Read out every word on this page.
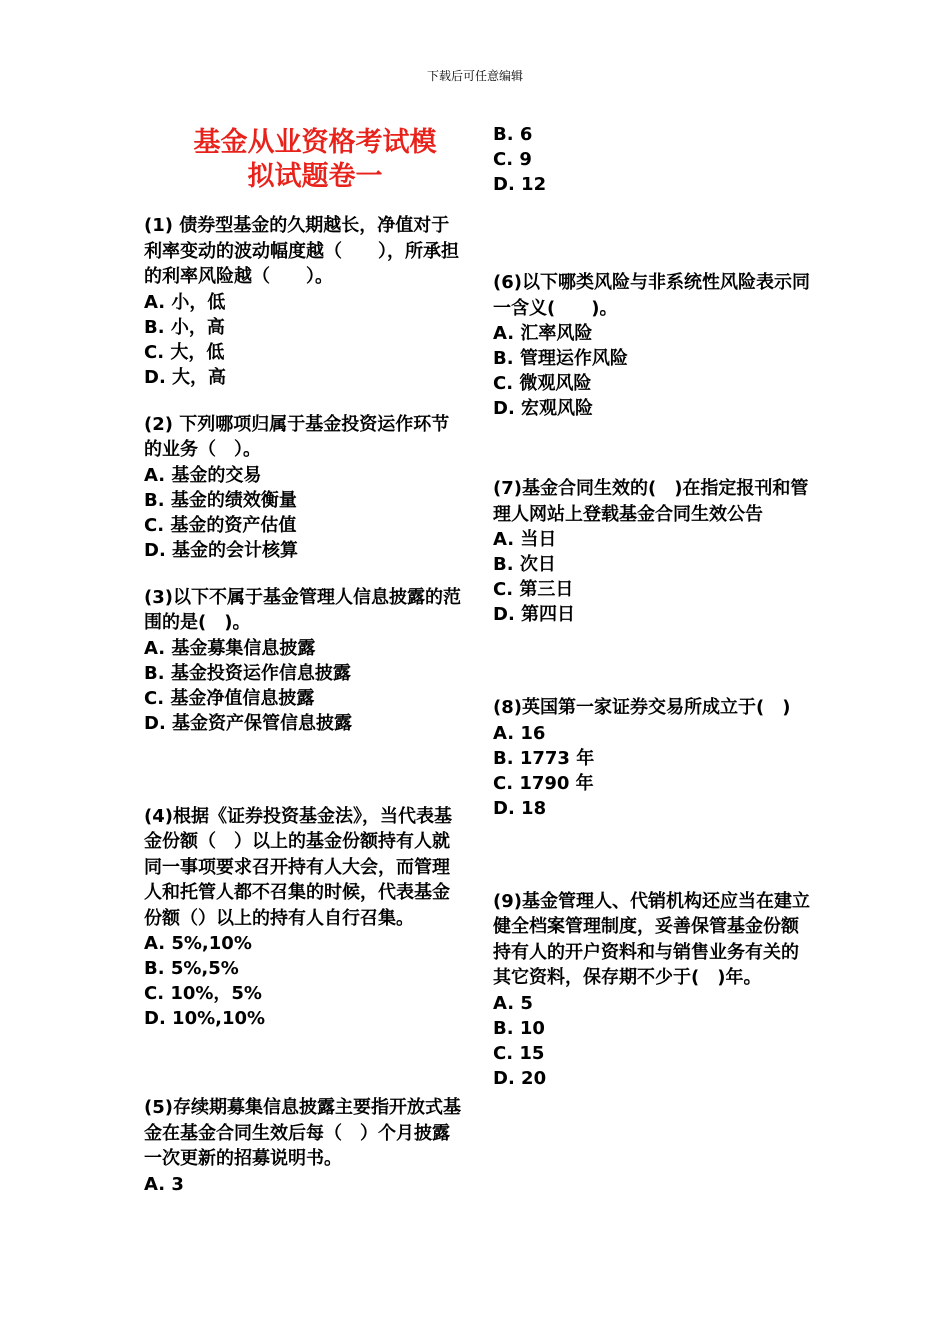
下载后可任意编辑
基金从业资格考试模
拟试题卷一

(1) 债券型基金的久期越长，净值对于利率变动的波动幅度越（　　），所承担的利率风险越（　　）。

A. 小，低

B. 小，高

C. 大，低

D. 大，高

(2) 下列哪项归属于基金投资运作环节的业务（　）。

A. 基金的交易

B. 基金的绩效衡量

C. 基金的资产估值

D. 基金的会计核算

(3)以下不属于基金管理人信息披露的范围的是(　)。

A. 基金募集信息披露

B. 基金投资运作信息披露

C. 基金净值信息披露

D. 基金资产保管信息披露

(4)根据《证券投资基金法》，当代表基金份额（　）以上的基金份额持有人就同一事项要求召开持有人大会，而管理人和托管人都不召集的时候，代表基金份额（）以上的持有人自行召集。

A. 5%,10%

B. 5%,5%

C. 10%，5%

D. 10%,10%

(5)存续期募集信息披露主要指开放式基金在基金合同生效后每（　）个月披露一次更新的招募说明书。

A. 3

B. 6

C. 9

D. 12

(6)以下哪类风险与非系统性风险表示同一含义(　　)。

A. 汇率风险

B. 管理运作风险

C. 微观风险

D. 宏观风险

(7)基金合同生效的(　)在指定报刊和管理人网站上登载基金合同生效公告

A. 当日

B. 次日

C. 第三日

D. 第四日

(8)英国第一家证券交易所成立于(　)

A. 16

B. 1773 年

C. 1790 年

D. 18

(9)基金管理人、代销机构还应当在建立健全档案管理制度，妥善保管基金份额持有人的开户资料和与销售业务有关的其它资料，保存期不少于(　)年。

A. 5

B. 10

C. 15

D. 20
